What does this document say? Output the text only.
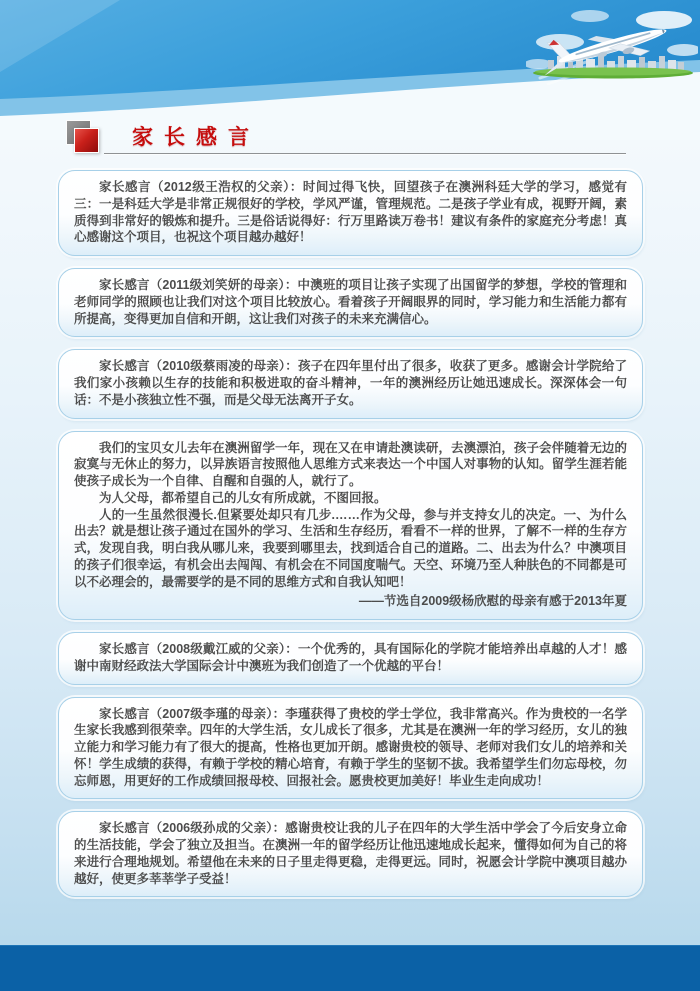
家长感言

家长感言（2012级王浩权的父亲）：时间过得飞快，回望孩子在澳洲科廷大学的学习，感觉有三：一是科廷大学是非常正规很好的学校，学风严谨，管理规范。二是孩子学业有成，视野开阔，素质得到非常好的锻炼和提升。三是俗话说得好：行万里路读万卷书！建议有条件的家庭充分考虑！真心感谢这个项目，也祝这个项目越办越好！

家长感言（2011级刘笑妍的母亲）：中澳班的项目让孩子实现了出国留学的梦想，学校的管理和老师同学的照顾也让我们对这个项目比较放心。看着孩子开阔眼界的同时，学习能力和生活能力都有所提高，变得更加自信和开朗，这让我们对孩子的未来充满信心。

家长感言（2010级蔡雨凌的母亲）：孩子在四年里付出了很多，收获了更多。感谢会计学院给了我们家小孩赖以生存的技能和积极进取的奋斗精神，一年的澳洲经历让她迅速成长。深深体会一句话：不是小孩独立性不强，而是父母无法离开子女。

我们的宝贝女儿去年在澳洲留学一年，现在又在申请赴澳读研，去澳漂泊，孩子会伴随着无边的寂寞与无休止的努力，以异族语言按照他人思维方式来表达一个中国人对事物的认知。留学生涯若能使孩子成长为一个自律、自醒和自强的人，就行了。

为人父母，都希望自己的儿女有所成就，不图回报。

人的一生虽然很漫长.但紧要处却只有几步.……作为父母，参与并支持女儿的决定。一、为什么出去？就是想让孩子通过在国外的学习、生活和生存经历，看看不一样的世界，了解不一样的生存方式，发现自我，明白我从哪儿来，我要到哪里去，找到适合自己的道路。二、出去为什么？中澳项目的孩子们很幸运，有机会出去闯闯、有机会在不同国度喘气。天空、环境乃至人种肤色的不同都是可以不必理会的，最需要学的是不同的思维方式和自我认知吧！

——节选自2009级杨欣慰的母亲有感于2013年夏

家长感言（2008级戴江威的父亲）：一个优秀的，具有国际化的学院才能培养出卓越的人才！感谢中南财经政法大学国际会计中澳班为我们创造了一个优越的平台！

家长感言（2007级李瑾的母亲）：李瑾获得了贵校的学士学位，我非常高兴。作为贵校的一名学生家长我感到很荣幸。四年的大学生活，女儿成长了很多，尤其是在澳洲一年的学习经历，女儿的独立能力和学习能力有了很大的提高，性格也更加开朗。感谢贵校的领导、老师对我们女儿的培养和关怀！学生成绩的获得，有赖于学校的精心培育，有赖于学生的坚韧不拔。我希望学生们勿忘母校，勿忘师恩，用更好的工作成绩回报母校、回报社会。愿贵校更加美好！毕业生走向成功！

家长感言（2006级孙成的父亲）：感谢贵校让我的儿子在四年的大学生活中学会了今后安身立命的生活技能，学会了独立及担当。在澳洲一年的留学经历让他迅速地成长起来，懂得如何为自己的将来进行合理地规划。希望他在未来的日子里走得更稳，走得更远。同时，祝愿会计学院中澳项目越办越好，使更多莘莘学子受益！
